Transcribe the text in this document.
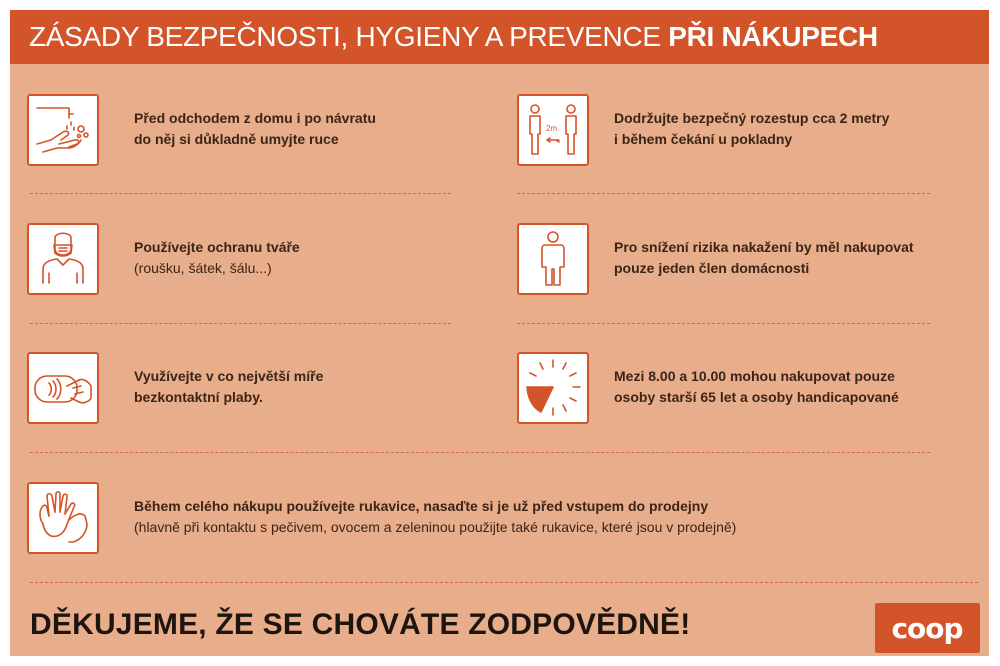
ZÁSADY BEZPEČNOSTI, HYGIENY A PREVENCE PŘI NÁKUPECH
Před odchodem z domu i po návratu
do něj si důkladně umyjte ruce
2m
Dodržujte bezpečný rozestup cca 2 metry
i během čekání u pokladny
Používejte ochranu tváře
(roušku, šátek, šálu...)
Pro snížení rizika nakažení by měl nakupovat
pouze jeden člen domácnosti
Využívejte v co největší míře
bezkontaktní plaby.
Mezi 8.00 a 10.00 mohou nakupovat pouze
osoby starší 65 let a osoby handicapované
Během celého nákupu používejte rukavice, nasaďte si je už před vstupem do prodejny
(hlavně při kontaktu s pečivem, ovocem a zeleninou použijte také rukavice, které jsou v prodejně)
DĚKUJEME, ŽE SE CHOVÁTE ZODPOVĚDNĚ!	coop
